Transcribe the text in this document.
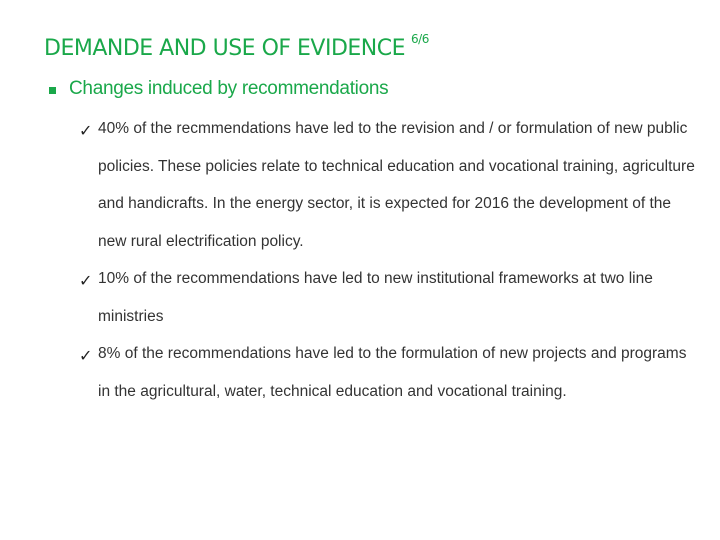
DEMANDE AND USE OF EVIDENCE $^{6/6}$
Changes induced by recommendations
✓ 40% of the recmmendations have led to the revision and / or formulation of new public policies. These policies relate to technical education and vocational training, agriculture and handicrafts. In the energy sector, it is expected for 2016 the development of the new rural electrification policy.
✓ 10% of the recommendations have led to new institutional frameworks at two line ministries
✓ 8% of the recommendations have led to the formulation of new projects and programs in the agricultural, water, technical education and vocational training.
